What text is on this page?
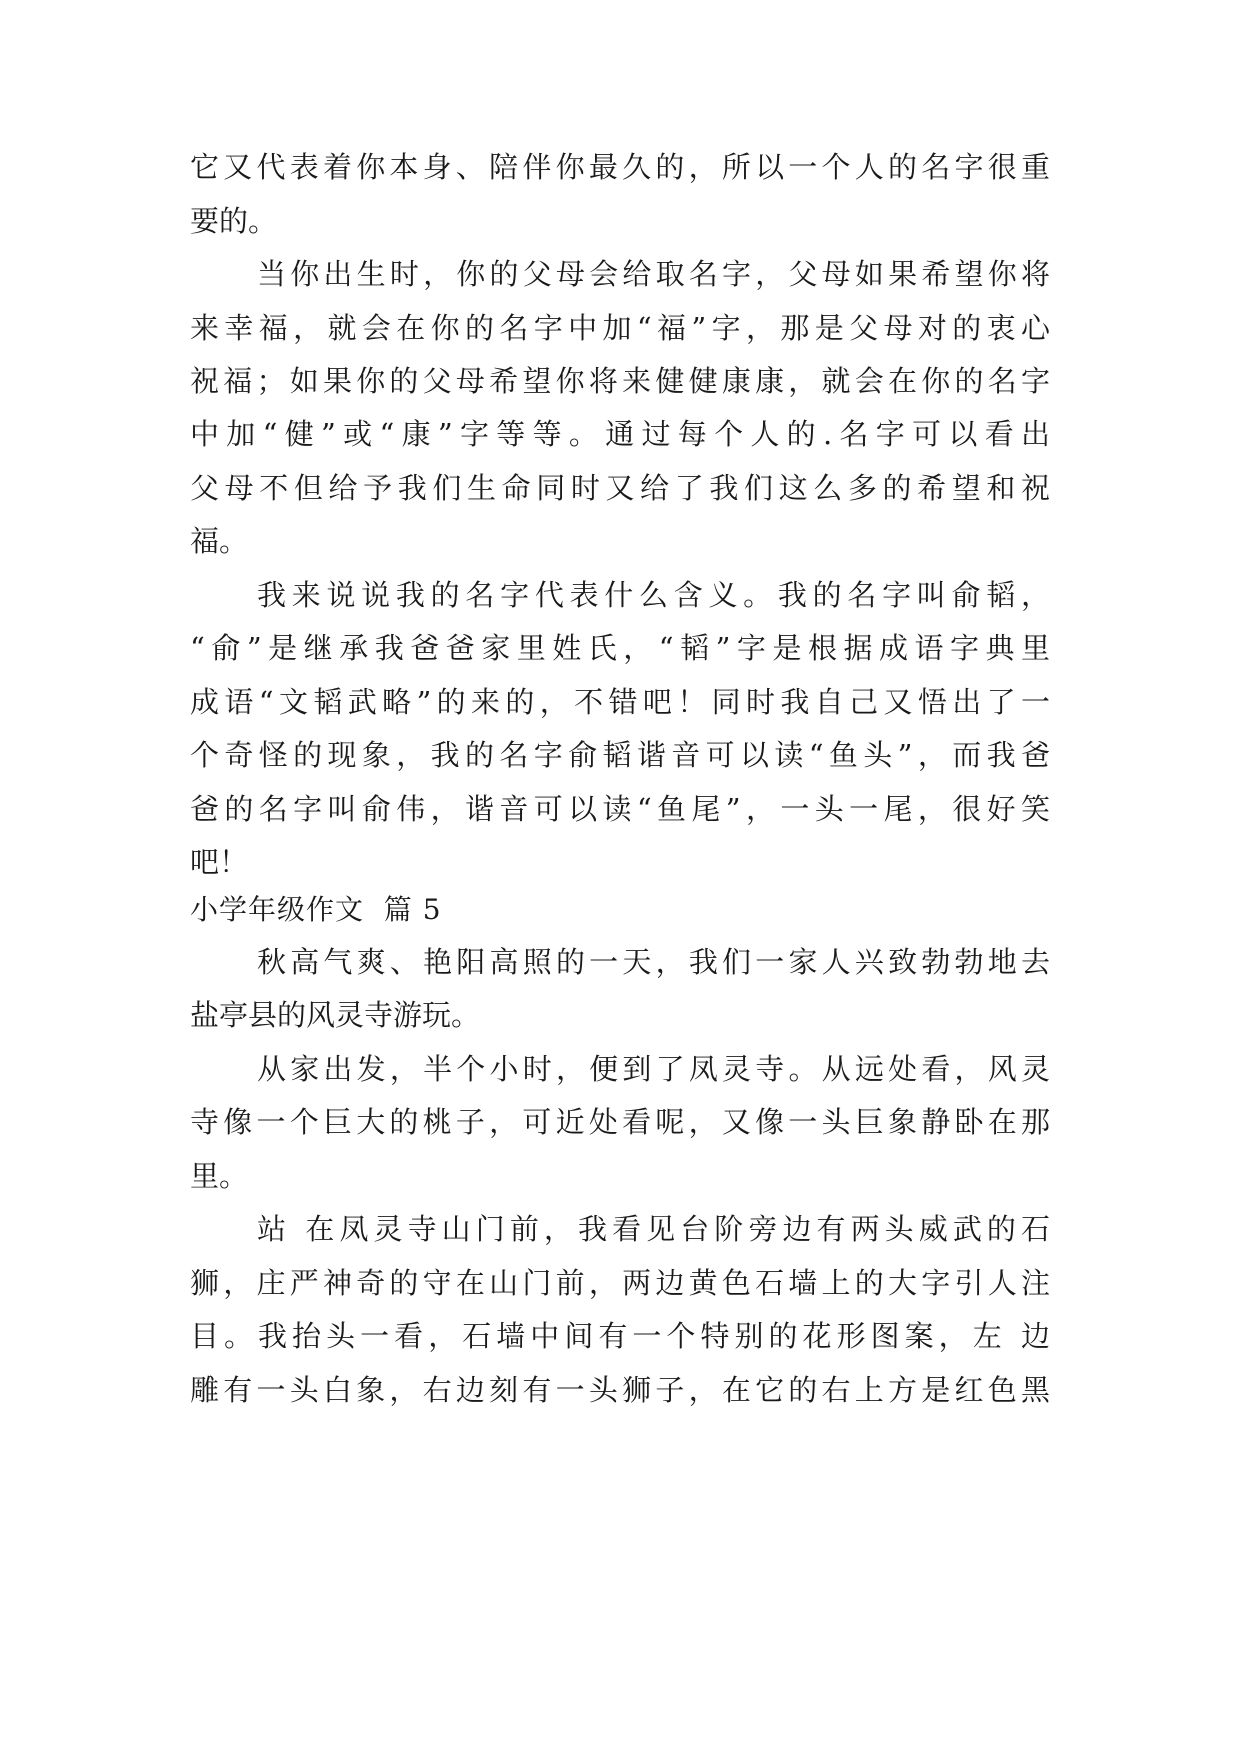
它又代表着你本身、陪伴你最久的，所以一个人的名字很重
要的。
当你出生时，你的父母会给取名字，父母如果希望你将
来幸福，就会在你的名字中加“福”字，那是父母对的衷心
祝福；如果你的父母希望你将来健健康康，就会在你的名字
中加“健”或“康”字等等。通过每个人的.名字可以看出
父母不但给予我们生命同时又给了我们这么多的希望和祝
福。
我来说说我的名字代表什么含义。我的名字叫俞韬，
“俞”是继承我爸爸家里姓氏，“韬”字是根据成语字典里
成语“文韬武略”的来的，不错吧！同时我自己又悟出了一
个奇怪的现象，我的名字俞韬谐音可以读“鱼头”，而我爸
爸的名字叫俞伟，谐音可以读“鱼尾”，一头一尾，很好笑
吧！
小学年级作文  篇 5
秋高气爽、艳阳高照的一天，我们一家人兴致勃勃地去
盐亭县的风灵寺游玩。
从家出发，半个小时，便到了凤灵寺。从远处看，风灵
寺像一个巨大的桃子，可近处看呢，又像一头巨象静卧在那
里。
站 在凤灵寺山门前，我看见台阶旁边有两头威武的石
狮，庄严神奇的守在山门前，两边黄色石墙上的大字引人注
目。我抬头一看，石墙中间有一个特别的花形图案，左 边
雕有一头白象，右边刻有一头狮子，在它的右上方是红色黑
